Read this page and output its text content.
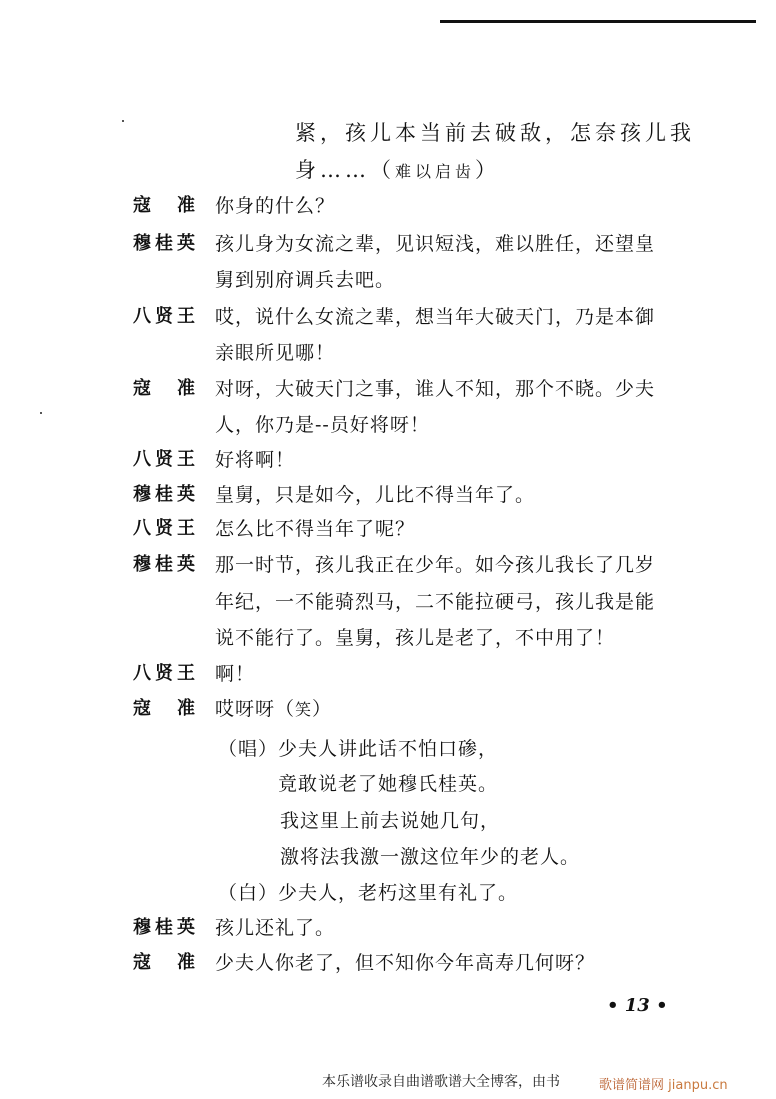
紧，孩儿本当前去破敌，怎奈孩儿我
身……（难以启齿）
寇　准 你身的什么？
穆桂英 孩儿身为女流之辈，见识短浅，难以胜任，还望皇
舅到别府调兵去吧。
八贤王 哎，说什么女流之辈，想当年大破天门，乃是本御
亲眼所见哪！
寇　准 对呀，大破天门之事，谁人不知，那个不晓。少夫
人，你乃是--员好将呀！
八贤王 好将啊！
穆桂英 皇舅，只是如今，儿比不得当年了。
八贤王 怎么比不得当年了呢？
穆桂英 那一时节，孩儿我正在少年。如今孩儿我长了几岁
年纪，一不能骑烈马，二不能拉硬弓，孩儿我是能
说不能行了。皇舅，孩儿是老了，不中用了！
八贤王 啊！
寇　准 哎呀呀（笑）
（唱）少夫人讲此话不怕口碜，
竟敢说老了她穆氏桂英。
我这里上前去说她几句，
激将法我激一激这位年少的老人。
（白）少夫人，老朽这里有礼了。
穆桂英 孩儿还礼了。
寇　准 少夫人你老了，但不知你今年高寿几何呀？
• 13 •
本乐谱收录自曲谱歌谱大全博客，由书	歌谱简谱网 jianpu.cn
